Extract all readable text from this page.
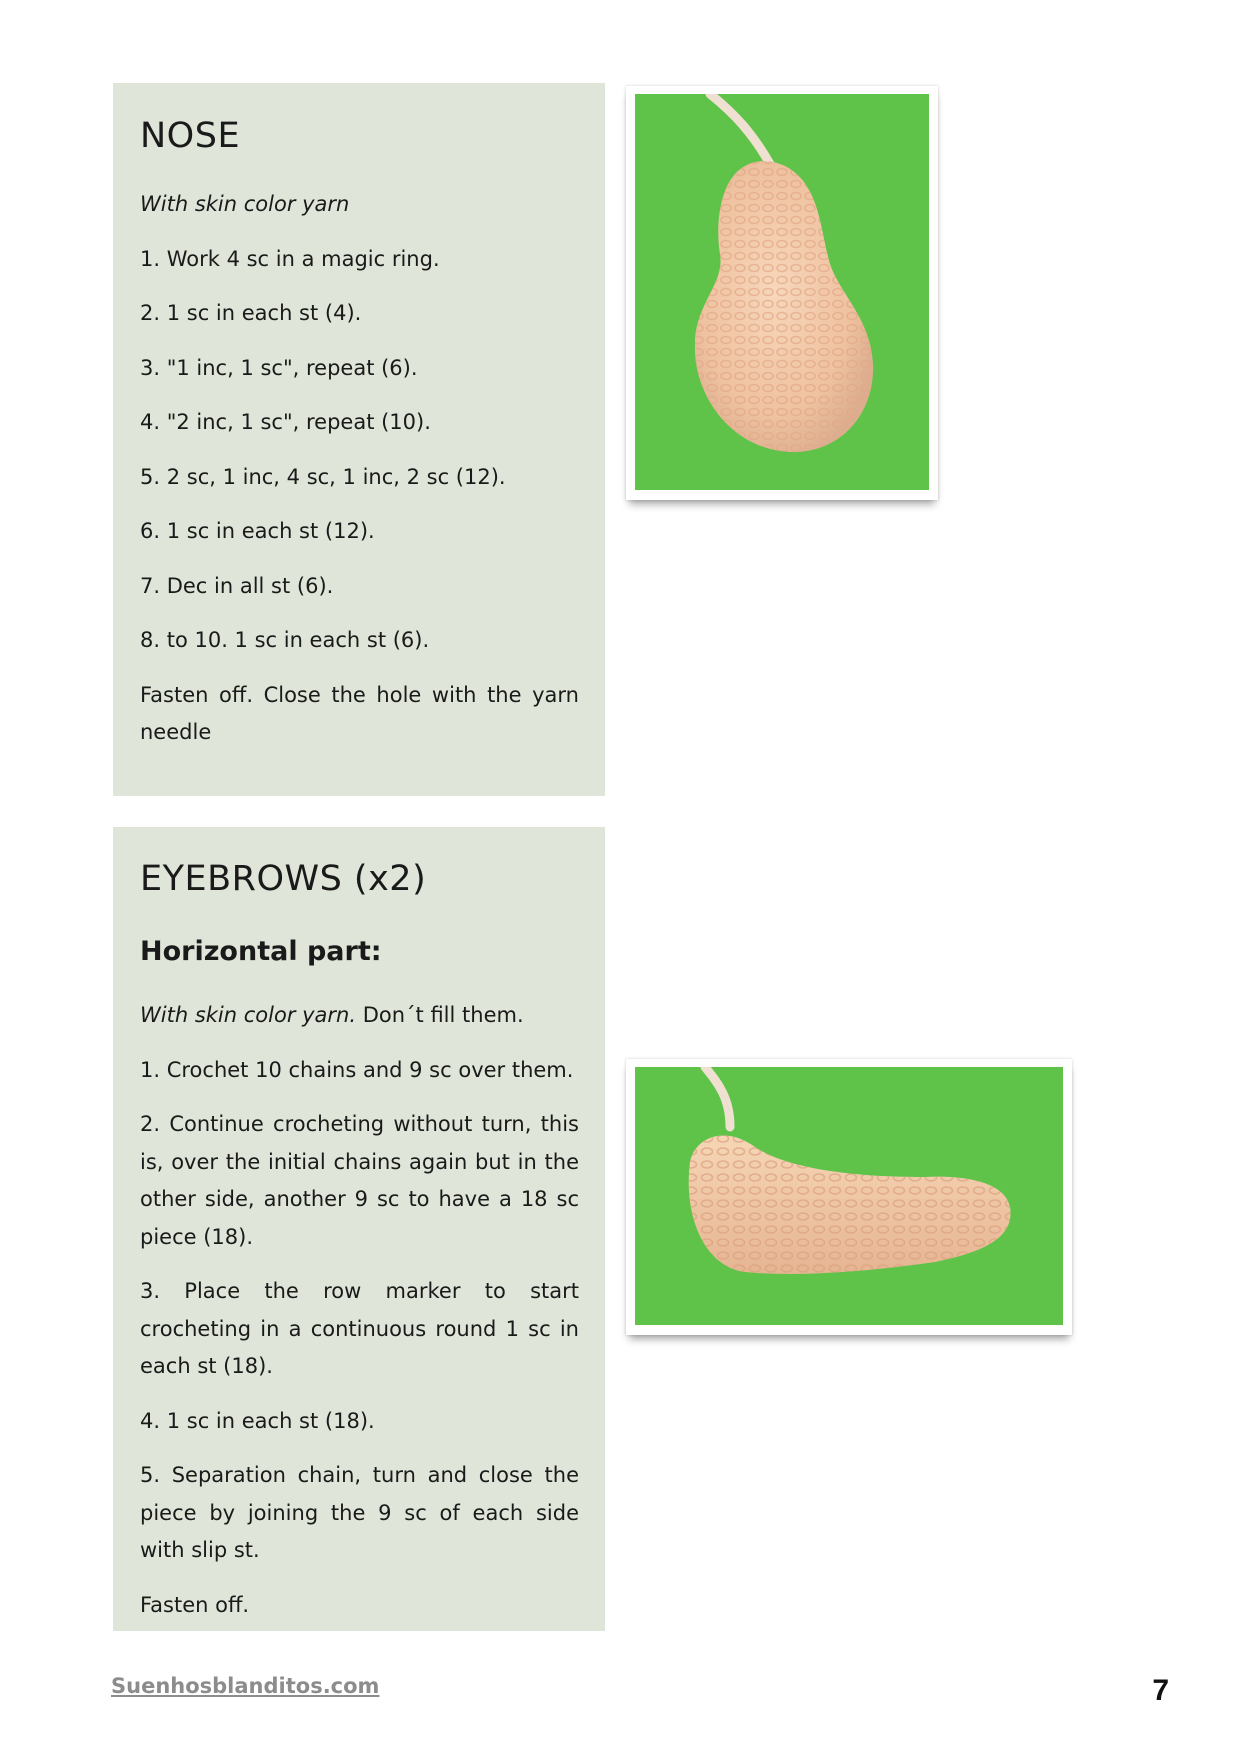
NOSE

With skin color yarn

1. Work 4 sc in a magic ring.

2. 1 sc in each st (4).

3. "1 inc, 1 sc", repeat (6).

4. "2 inc, 1 sc", repeat (10).

5. 2 sc, 1 inc, 4 sc, 1 inc, 2 sc (12).

6. 1 sc in each st (12).

7. Dec in all st (6).

8. to 10. 1 sc in each st (6).

Fasten off. Close the hole with the yarn needle

EYEBROWS (x2)
Horizontal part:

With skin color yarn. Don´t fill them.

1. Crochet 10 chains and 9 sc over them.

2. Continue crocheting without turn, this is, over the initial chains again but in the other side, another 9 sc to have a 18 sc piece (18).

3. Place the row marker to start crocheting in a continuous round 1 sc in each st (18).

4. 1 sc in each st (18).

5. Separation chain, turn and close the piece by joining the 9 sc of each side with slip st.

Fasten off.

Suenhosblanditos.com	7
